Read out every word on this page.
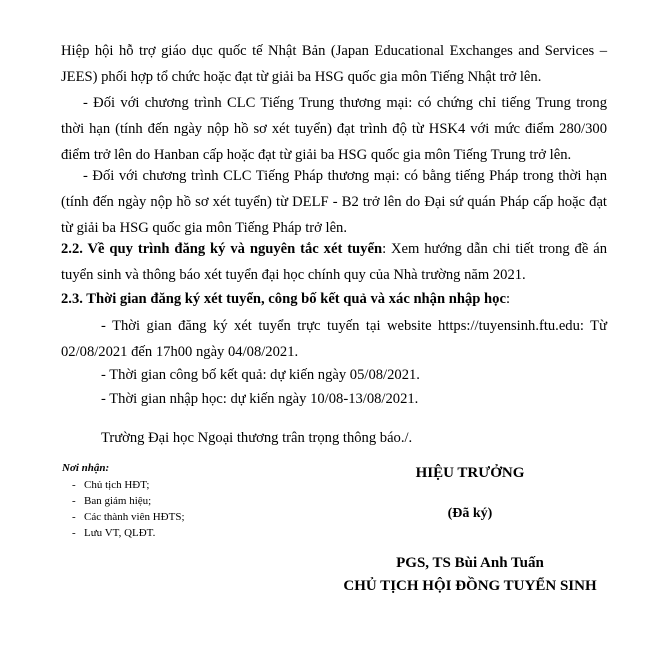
Hiệp hội hỗ trợ giáo dục quốc tế Nhật Bản (Japan Educational Exchanges and Services – JEES) phối hợp tổ chức hoặc đạt từ giải ba HSG quốc gia môn Tiếng Nhật trở lên.

- Đối với chương trình CLC Tiếng Trung thương mại: có chứng chỉ tiếng Trung trong thời hạn (tính đến ngày nộp hồ sơ xét tuyển) đạt trình độ từ HSK4 với mức điểm 280/300 điểm trở lên do Hanban cấp hoặc đạt từ giải ba HSG quốc gia môn Tiếng Trung trở lên.

- Đối với chương trình CLC Tiếng Pháp thương mại: có bằng tiếng Pháp trong thời hạn (tính đến ngày nộp hồ sơ xét tuyển) từ DELF - B2 trở lên do Đại sứ quán Pháp cấp hoặc đạt từ giải ba HSG quốc gia môn Tiếng Pháp trở lên.

2.2. Về quy trình đăng ký và nguyên tắc xét tuyển: Xem hướng dẫn chi tiết trong đề án tuyển sinh và thông báo xét tuyển đại học chính quy của Nhà trường năm 2021.

2.3. Thời gian đăng ký xét tuyển, công bố kết quả và xác nhận nhập học:

- Thời gian đăng ký xét tuyển trực tuyến tại website https://tuyensinh.ftu.edu: Từ 02/08/2021 đến 17h00 ngày 04/08/2021.

- Thời gian công bố kết quả: dự kiến ngày 05/08/2021.

- Thời gian nhập học: dự kiến ngày 10/08-13/08/2021.

Trường Đại học Ngoại thương trân trọng thông báo./.

Nơi nhận:
- Chủ tịch HĐT;
- Ban giám hiệu;
- Các thành viên HĐTS;
- Lưu VT, QLĐT.
HIỆU TRƯỞNG
(Đã ký)
PGS, TS Bùi Anh Tuấn
CHỦ TỊCH HỘI ĐỒNG TUYỂN SINH
